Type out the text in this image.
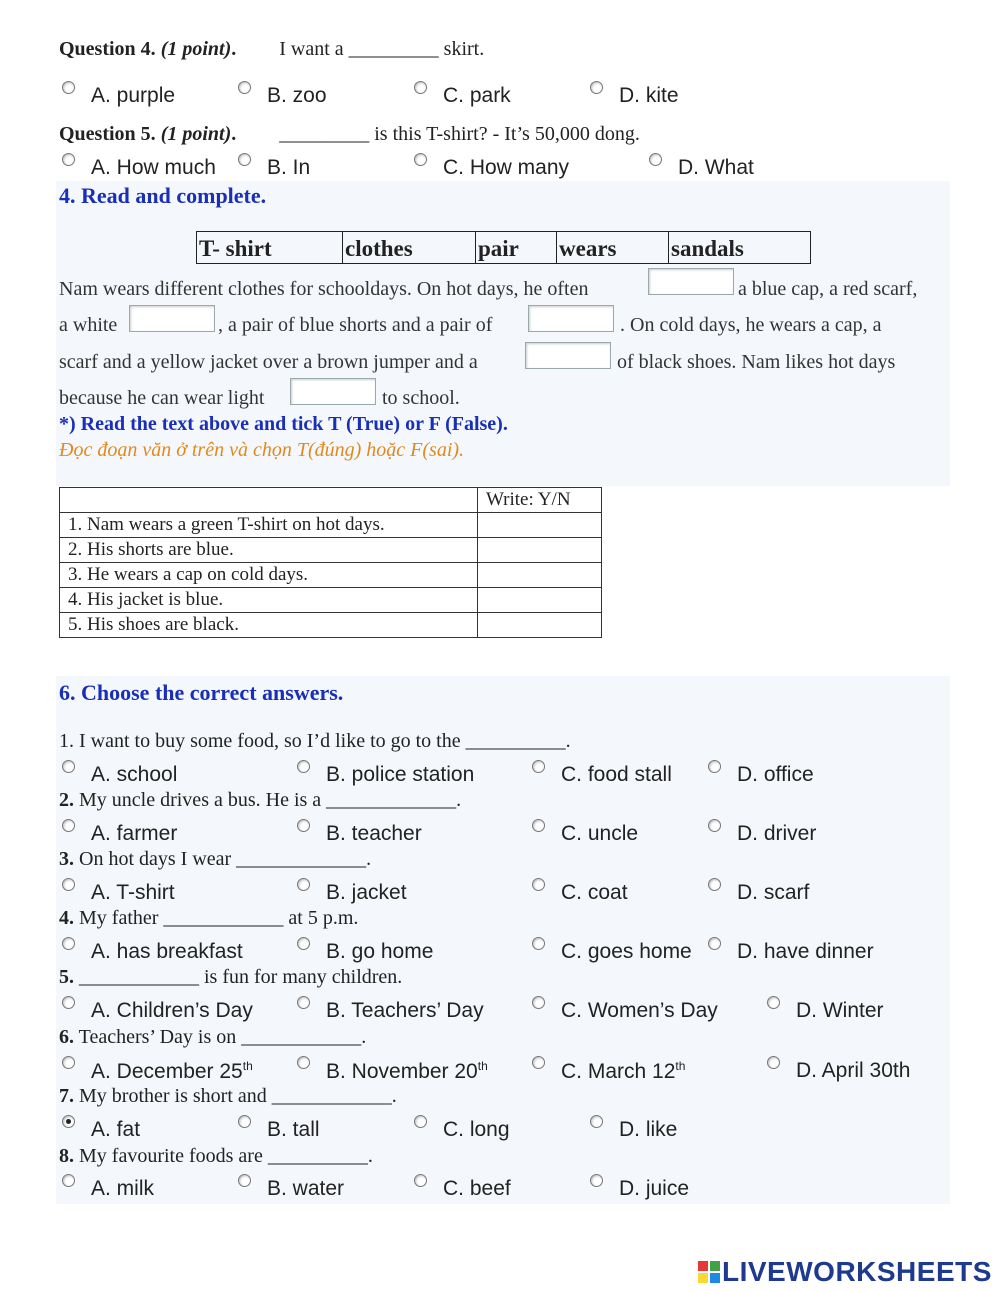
Question 4. (1 point). I want a _________ skirt.
A. purple	B. zoo	C. park	D. kite
Question 5. (1 point). _________ is this T-shirt? - It’s 50,000 dong.
A. How much B. In	C. How many	D. What
4. Read and complete.
T- shirt	clothes	pair	wears	sandals
Nam wears different clothes for schooldays. On hot days, he often	a blue cap, a red scarf,
a white	, a pair of blue shorts and a pair of	. On cold days, he wears a cap, a
scarf and a yellow jacket over a brown jumper and a	of black shoes. Nam likes hot days
because he can wear light	to school.
*) Read the text above and tick T (True) or F (False).
Đọc đoạn văn ở trên và chọn T(đúng) hoặc F(sai).
	Write: Y/N
1. Nam wears a green T-shirt on hot days.	
2. His shorts are blue.	
3. He wears a cap on cold days.	
4. His jacket is blue.	
5. His shoes are black.	
6. Choose the correct answers.
1. I want to buy some food, so I’d like to go to the __________.
A. school	B. police station	C. food stall	D. office
2. My uncle drives a bus. He is a _____________.
A. farmer	B. teacher	C. uncle	D. driver
3. On hot days I wear _____________.
A. T-shirt	B. jacket	C. coat	D. scarf
4. My father ____________ at 5 p.m.
A. has breakfast	B. go home	C. goes home D. have dinner
5. ____________ is fun for many children.
A. Children’s Day	B. Teachers’ Day	C. Women’s Day	D. Winter
6. Teachers’ Day is on ____________.
A. December 25th	B. November 20th	C. March 12th	D. April 30th
7. My brother is short and ____________.
A. fat	B. tall	C. long	D. like
8. My favourite foods are __________.
A. milk	B. water	C. beef	D. juice
LIVEWORKSHEETS
